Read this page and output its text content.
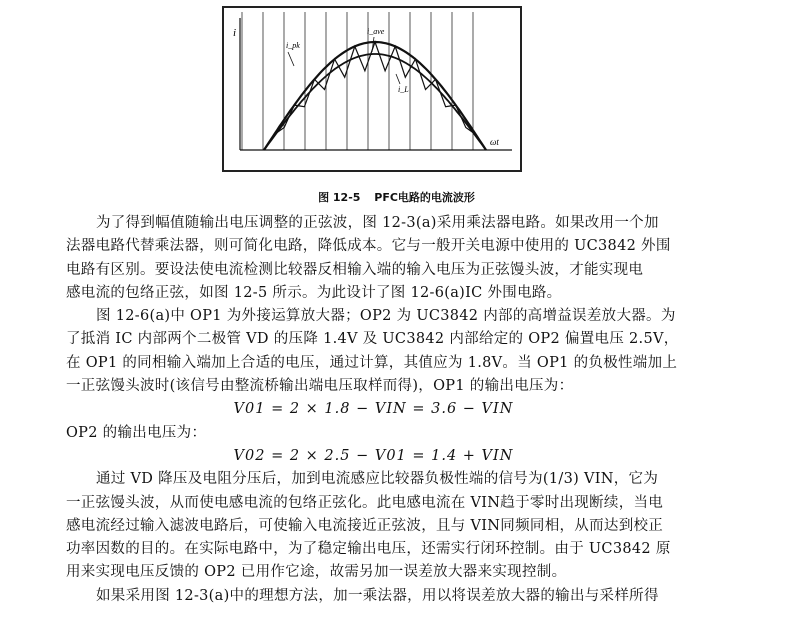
i
ωt
i_pk
i_ave
i_L
图 12-5 PFC电路的电流波形
为了得到幅值随输出电压调整的正弦波，图 12-3(a)采用乘法器电路。如果改用一个加
法器电路代替乘法器，则可简化电路，降低成本。它与一般开关电源中使用的 UC3842 外围
电路有区别。要设法使电流检测比较器反相输入端的输入电压为正弦馒头波，才能实现电
感电流的包络正弦，如图 12-5 所示。为此设计了图 12-6(a)IC 外围电路。
图 12-6(a)中 OP1 为外接运算放大器；OP2 为 UC3842 内部的高增益误差放大器。为
了抵消 IC 内部两个二极管 VD 的压降 1.4V 及 UC3842 内部给定的 OP2 偏置电压 2.5V，
在 OP1 的同相输入端加上合适的电压，通过计算，其值应为 1.8V。当 OP1 的负极性端加上
一正弦馒头波时(该信号由整流桥输出端电压取样而得)，OP1 的输出电压为：
V01 = 2 × 1.8 − VIN = 3.6 − VIN
OP2 的输出电压为：
V02 = 2 × 2.5 − V01 = 1.4 + VIN
通过 VD 降压及电阻分压后，加到电流感应比较器负极性端的信号为(1/3) VIN，它为
一正弦馒头波，从而使电感电流的包络正弦化。此电感电流在 VIN趋于零时出现断续，当电
感电流经过输入滤波电路后，可使输入电流接近正弦波，且与 VIN同频同相，从而达到校正
功率因数的目的。在实际电路中，为了稳定输出电压，还需实行闭环控制。由于 UC3842 原
用来实现电压反馈的 OP2 已用作它途，故需另加一误差放大器来实现控制。
如果采用图 12-3(a)中的理想方法，加一乘法器，用以将误差放大器的输出与采样所得
